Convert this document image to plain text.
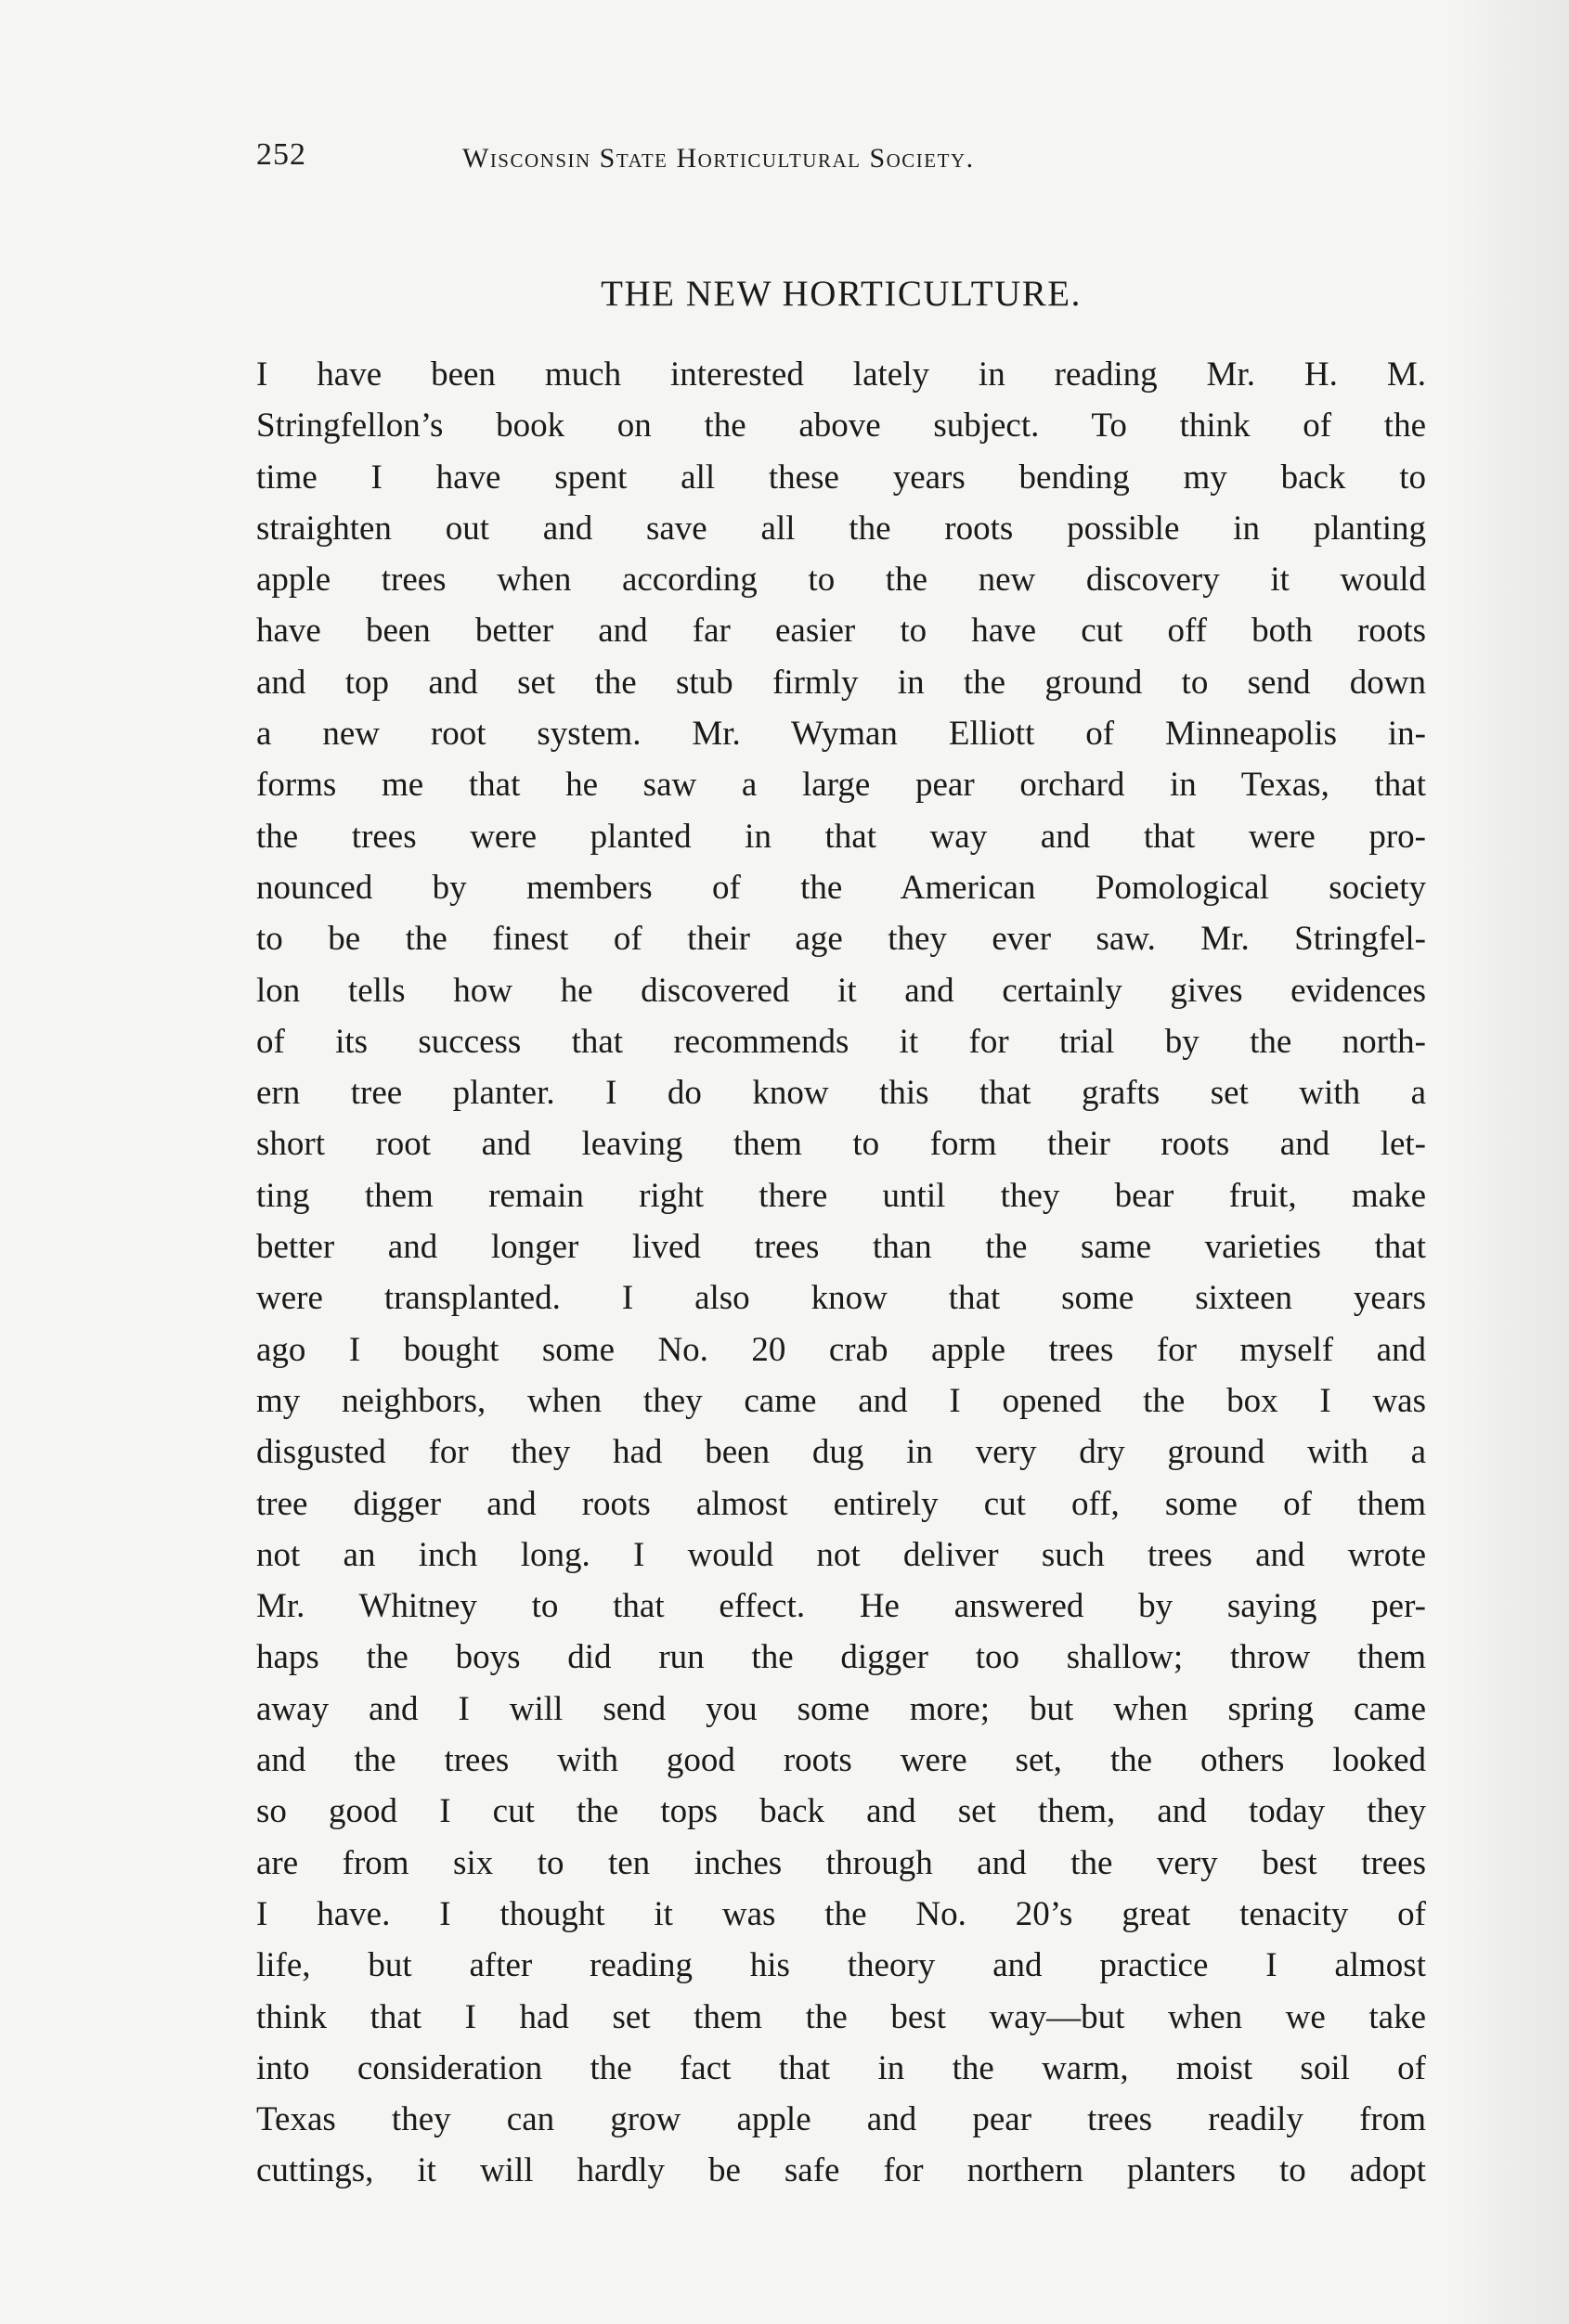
252	Wisconsin State Horticultural Society.
THE NEW HORTICULTURE.
I have been much interested lately in reading Mr. H. M.
Stringfellon’s book on the above subject. To think of the
time I have spent all these years bending my back to
straighten out and save all the roots possible in planting
apple trees when according to the new discovery it would
have been better and far easier to have cut off both roots
and top and set the stub firmly in the ground to send down
a new root system. Mr. Wyman Elliott of Minneapolis in-
forms me that he saw a large pear orchard in Texas, that
the trees were planted in that way and that were pro-
nounced by members of the American Pomological society
to be the finest of their age they ever saw. Mr. Stringfel-
lon tells how he discovered it and certainly gives evidences
of its success that recommends it for trial by the north-
ern tree planter. I do know this that grafts set with a
short root and leaving them to form their roots and let-
ting them remain right there until they bear fruit, make
better and longer lived trees than the same varieties that
were transplanted. I also know that some sixteen years
ago I bought some No. 20 crab apple trees for myself and
my neighbors, when they came and I opened the box I was
disgusted for they had been dug in very dry ground with a
tree digger and roots almost entirely cut off, some of them
not an inch long. I would not deliver such trees and wrote
Mr. Whitney to that effect. He answered by saying per-
haps the boys did run the digger too shallow; throw them
away and I will send you some more; but when spring came
and the trees with good roots were set, the others looked
so good I cut the tops back and set them, and today they
are from six to ten inches through and the very best trees
I have. I thought it was the No. 20’s great tenacity of
life, but after reading his theory and practice I almost
think that I had set them the best way—but when we take
into consideration the fact that in the warm, moist soil of
Texas they can grow apple and pear trees readily from
cuttings, it will hardly be safe for northern planters to adopt
